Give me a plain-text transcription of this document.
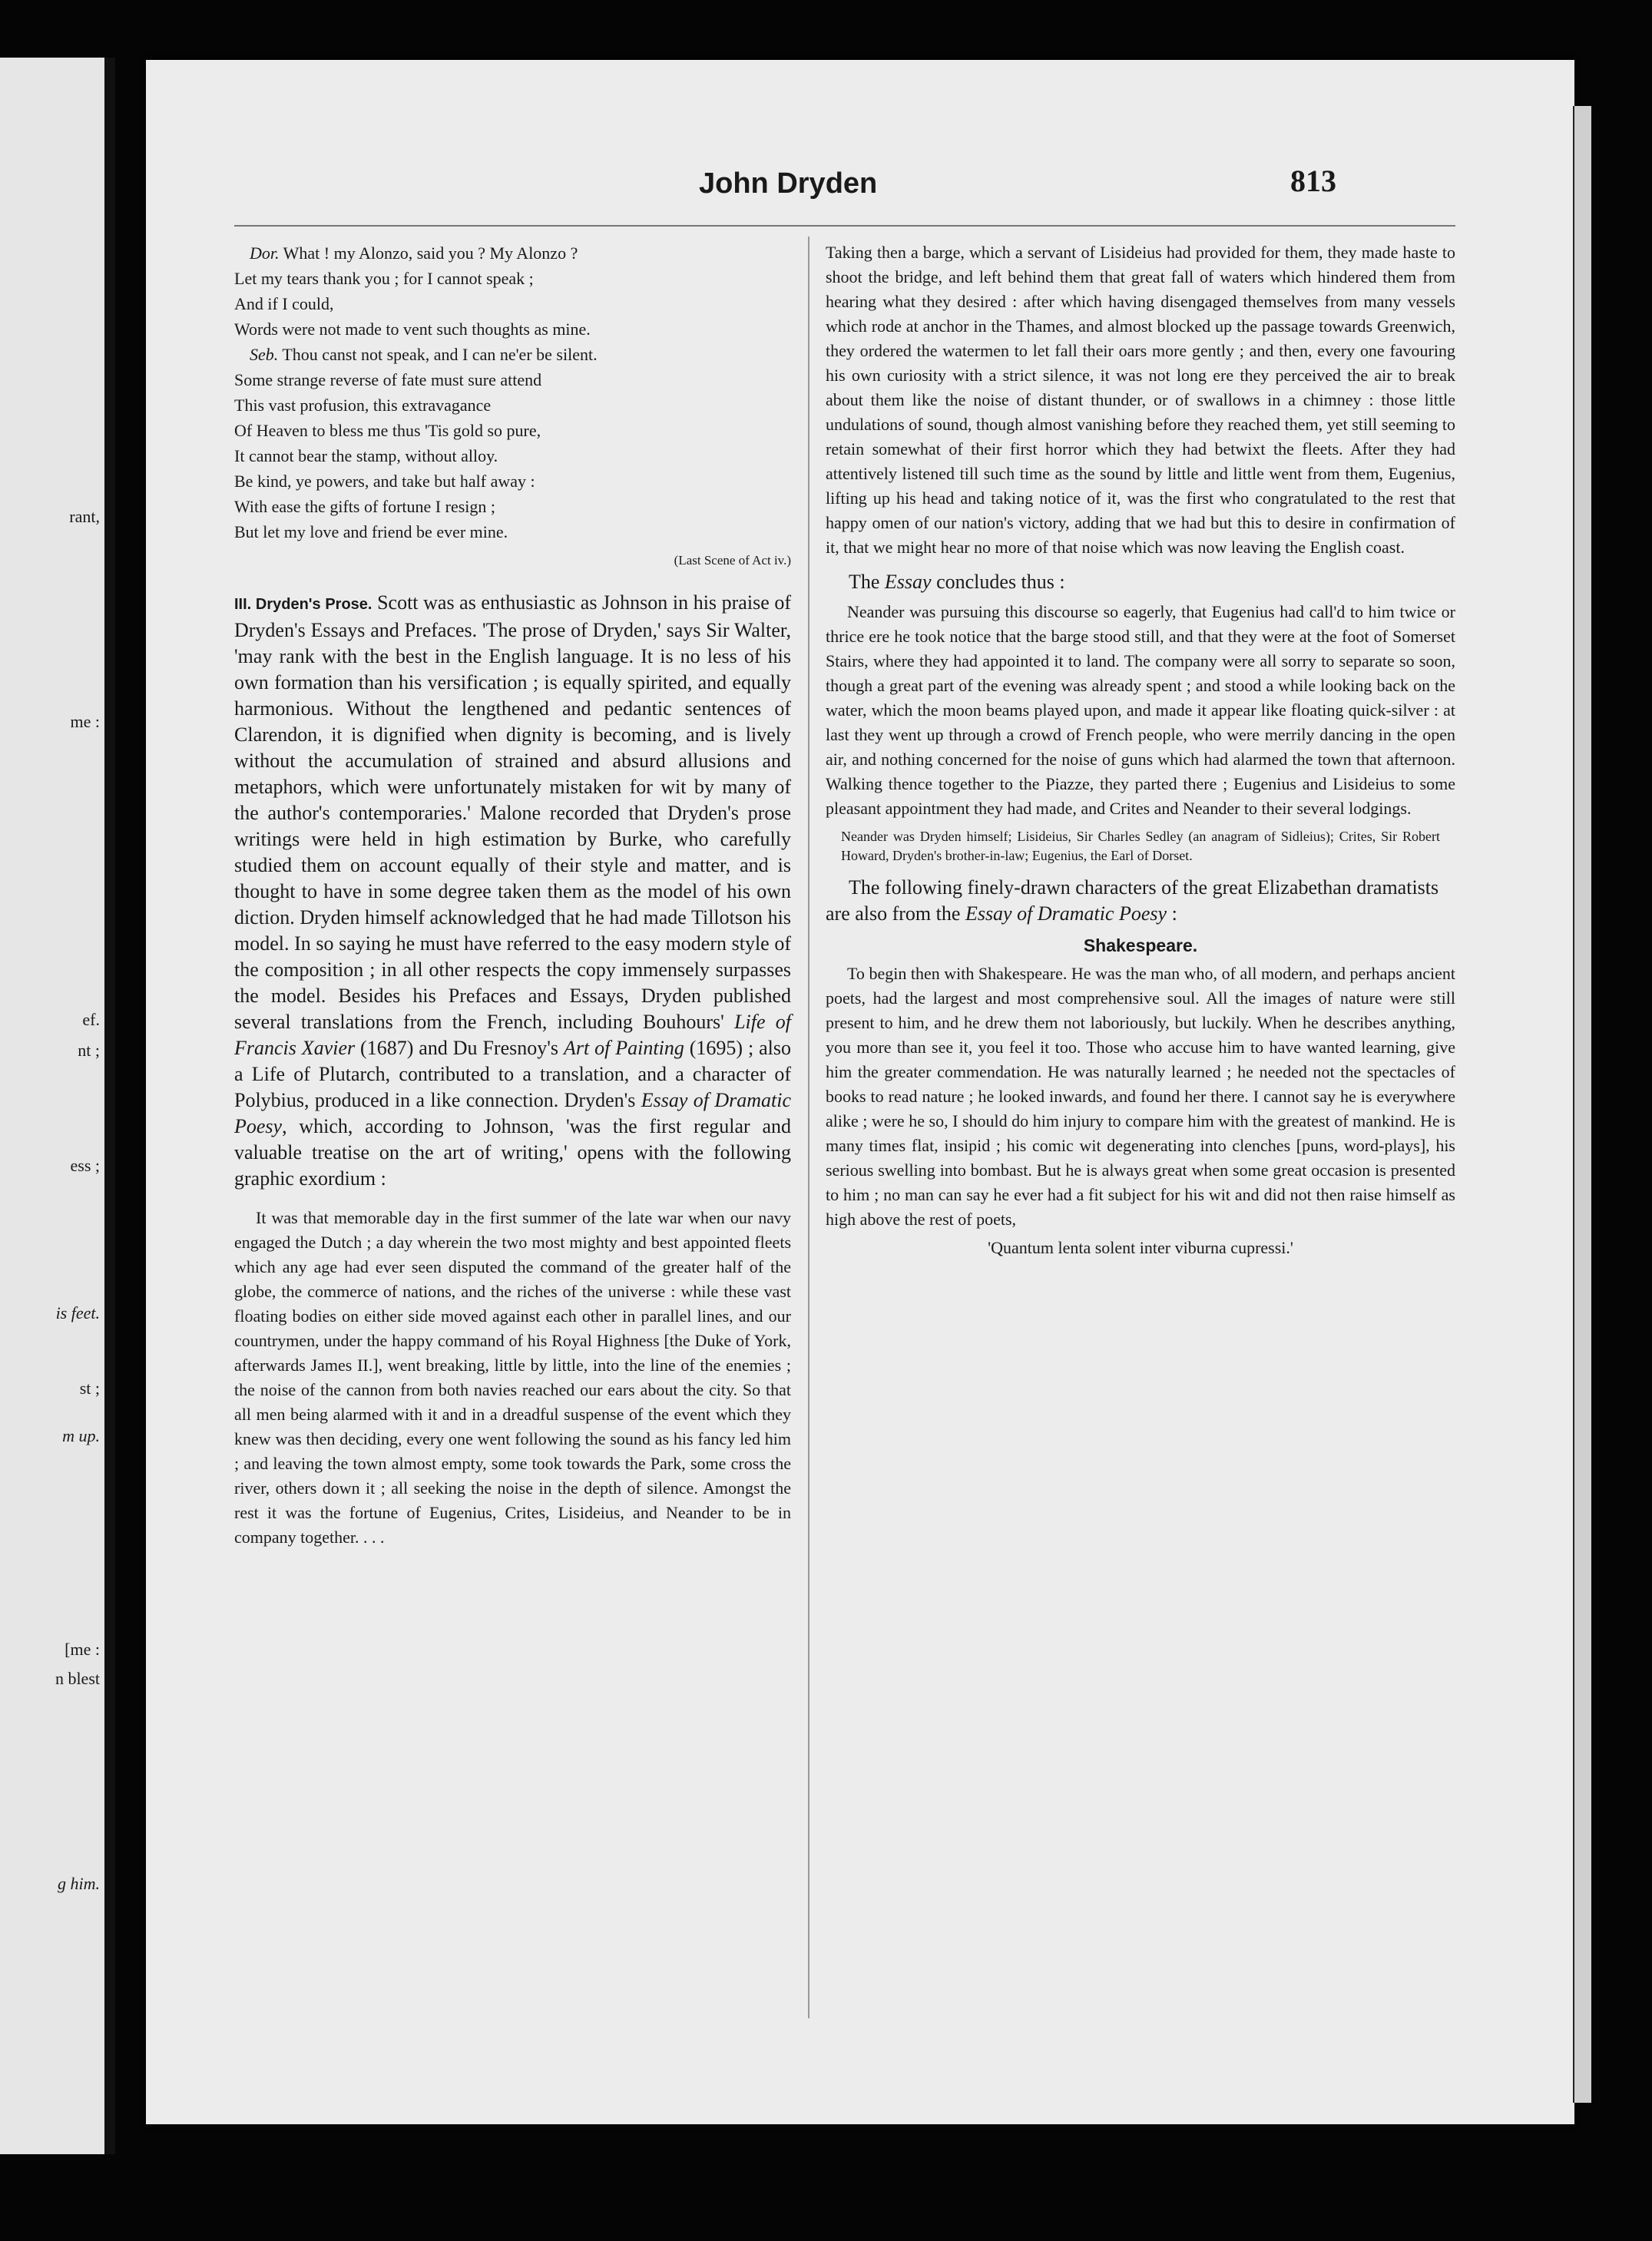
rant,
me :
ef.
nt ;
ess ;
is feet.
st ;
m up.
[me :
n blest
g him.
John Dryden	813

Dor. What ! my Alonzo, said you ? My Alonzo ?

Let my tears thank you ; for I cannot speak ;

And if I could,

Words were not made to vent such thoughts as mine.

Seb. Thou canst not speak, and I can ne'er be silent.

Some strange reverse of fate must sure attend

This vast profusion, this extravagance

Of Heaven to bless me thus 'Tis gold so pure,

It cannot bear the stamp, without alloy.

Be kind, ye powers, and take but half away :

With ease the gifts of fortune I resign ;

But let my love and friend be ever mine.

(Last Scene of Act iv.)

III. Dryden's Prose. Scott was as enthusiastic as Johnson in his praise of Dryden's Essays and Prefaces. 'The prose of Dryden,' says Sir Walter, 'may rank with the best in the English language. It is no less of his own formation than his versification ; is equally spirited, and equally harmonious. Without the lengthened and pedantic sentences of Clarendon, it is dignified when dignity is becoming, and is lively without the accumulation of strained and absurd allusions and metaphors, which were unfortunately mistaken for wit by many of the author's contemporaries.' Malone recorded that Dryden's prose writings were held in high estimation by Burke, who carefully studied them on account equally of their style and matter, and is thought to have in some degree taken them as the model of his own diction. Dryden himself acknowledged that he had made Tillotson his model. In so saying he must have referred to the easy modern style of the composition ; in all other respects the copy immensely surpasses the model. Besides his Prefaces and Essays, Dryden published several translations from the French, including Bouhours' Life of Francis Xavier (1687) and Du Fresnoy's Art of Painting (1695) ; also a Life of Plutarch, contributed to a translation, and a character of Polybius, produced in a like connection. Dryden's Essay of Dramatic Poesy, which, according to Johnson, 'was the first regular and valuable treatise on the art of writing,' opens with the following graphic exordium :

It was that memorable day in the first summer of the late war when our navy engaged the Dutch ; a day wherein the two most mighty and best appointed fleets which any age had ever seen disputed the command of the greater half of the globe, the commerce of nations, and the riches of the universe : while these vast floating bodies on either side moved against each other in parallel lines, and our countrymen, under the happy command of his Royal Highness [the Duke of York, afterwards James II.], went breaking, little by little, into the line of the enemies ; the noise of the cannon from both navies reached our ears about the city. So that all men being alarmed with it and in a dreadful suspense of the event which they knew was then deciding, every one went following the sound as his fancy led him ; and leaving the town almost empty, some took towards the Park, some cross the river, others down it ; all seeking the noise in the depth of silence. Amongst the rest it was the fortune of Eugenius, Crites, Lisideius, and Neander to be in company together. . . .

Taking then a barge, which a servant of Lisideius had provided for them, they made haste to shoot the bridge, and left behind them that great fall of waters which hindered them from hearing what they desired : after which having disengaged themselves from many vessels which rode at anchor in the Thames, and almost blocked up the passage towards Greenwich, they ordered the watermen to let fall their oars more gently ; and then, every one favouring his own curiosity with a strict silence, it was not long ere they perceived the air to break about them like the noise of distant thunder, or of swallows in a chimney : those little undulations of sound, though almost vanishing before they reached them, yet still seeming to retain somewhat of their first horror which they had betwixt the fleets. After they had attentively listened till such time as the sound by little and little went from them, Eugenius, lifting up his head and taking notice of it, was the first who congratulated to the rest that happy omen of our nation's victory, adding that we had but this to desire in confirmation of it, that we might hear no more of that noise which was now leaving the English coast.

The Essay concludes thus :

Neander was pursuing this discourse so eagerly, that Eugenius had call'd to him twice or thrice ere he took notice that the barge stood still, and that they were at the foot of Somerset Stairs, where they had appointed it to land. The company were all sorry to separate so soon, though a great part of the evening was already spent ; and stood a while looking back on the water, which the moon beams played upon, and made it appear like floating quick-silver : at last they went up through a crowd of French people, who were merrily dancing in the open air, and nothing concerned for the noise of guns which had alarmed the town that afternoon. Walking thence together to the Piazze, they parted there ; Eugenius and Lisideius to some pleasant appointment they had made, and Crites and Neander to their several lodgings.

Neander was Dryden himself; Lisideius, Sir Charles Sedley (an anagram of Sidleius); Crites, Sir Robert Howard, Dryden's brother-in-law; Eugenius, the Earl of Dorset.
The following finely-drawn characters of the great Elizabethan dramatists are also from the Essay of Dramatic Poesy :
Shakespeare.

To begin then with Shakespeare. He was the man who, of all modern, and perhaps ancient poets, had the largest and most comprehensive soul. All the images of nature were still present to him, and he drew them not laboriously, but luckily. When he describes anything, you more than see it, you feel it too. Those who accuse him to have wanted learning, give him the greater commendation. He was naturally learned ; he needed not the spectacles of books to read nature ; he looked inwards, and found her there. I cannot say he is everywhere alike ; were he so, I should do him injury to compare him with the greatest of mankind. He is many times flat, insipid ; his comic wit degenerating into clenches [puns, word-plays], his serious swelling into bombast. But he is always great when some great occasion is presented to him ; no man can say he ever had a fit subject for his wit and did not then raise himself as high above the rest of poets,

'Quantum lenta solent inter viburna cupressi.'
